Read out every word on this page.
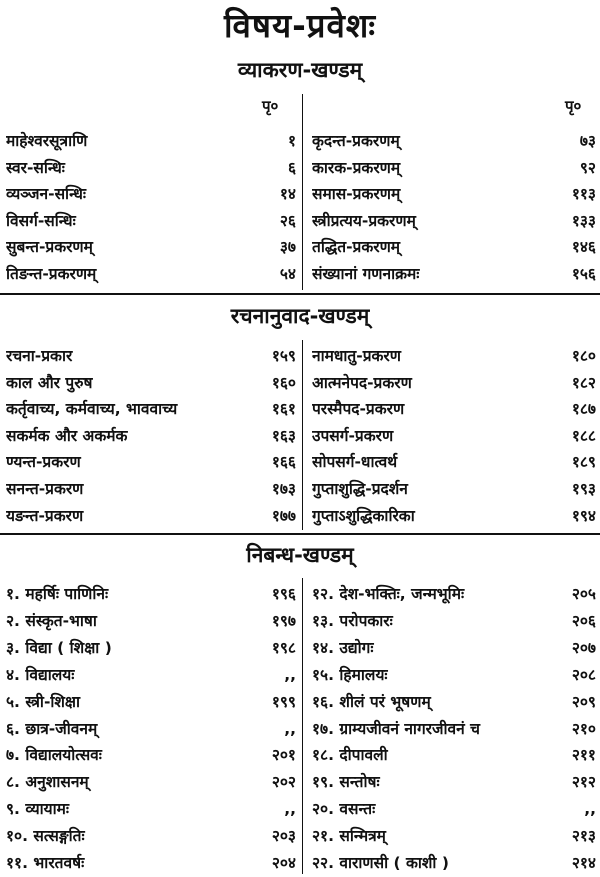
विषय-प्रवेशः
व्याकरण-खण्डम्
पृ०	पृ०
माहेश्वरसूत्राणि	१ कृदन्त-प्रकरणम्	७३
स्वर-सन्धिः	६ कारक-प्रकरणम्	९२
व्यञ्जन-सन्धिः	१४ समास-प्रकरणम्	११३
विसर्ग-सन्धिः	२६ स्त्रीप्रत्यय-प्रकरणम्	१३३
सुबन्त-प्रकरणम्	३७ तद्धित-प्रकरणम्	१४६
तिङन्त-प्रकरणम्	५४ संख्यानां गणनाक्रमः	१५६
रचनानुवाद-खण्डम्
रचना-प्रकार	१५९ नामधातु-प्रकरण	१८०
काल और पुरुष	१६० आत्मनेपद-प्रकरण	१८२
कर्तृवाच्य, कर्मवाच्य, भाववाच्य	१६१ परस्मैपद-प्रकरण	१८७
सकर्मक और अकर्मक	१६३ उपसर्ग-प्रकरण	१८८
ण्यन्त-प्रकरण	१६६ सोपसर्ग-धात्वर्थ	१८९
सनन्त-प्रकरण	१७३ गुप्ताशुद्धि-प्रदर्शन	१९३
यङन्त-प्रकरण	१७७ गुप्ताऽशुद्धिकारिका	१९४
निबन्ध-खण्डम्
१. महर्षिः पाणिनिः	१९६ १२. देश-भक्तिः, जन्मभूमिः	२०५
२. संस्कृत-भाषा	१९७ १३. परोपकारः	२०६
३. विद्या ( शिक्षा )	१९८ १४. उद्योगः	२०७
४. विद्यालयः	,, १५. हिमालयः	२०८
५. स्त्री-शिक्षा	१९९ १६. शीलं परं भूषणम्	२०९
६. छात्र-जीवनम्	,, १७. ग्राम्यजीवनं नागरजीवनं च	२१०
७. विद्यालयोत्सवः	२०१ १८. दीपावली	२११
८. अनुशासनम्	२०२ १९. सन्तोषः	२१२
९. व्यायामः	,, २०. वसन्तः	,,
१०. सत्सङ्गतिः	२०३ २१. सन्मित्रम्	२१३
११. भारतवर्षः	२०४ २२. वाराणसी ( काशी )	२१४
